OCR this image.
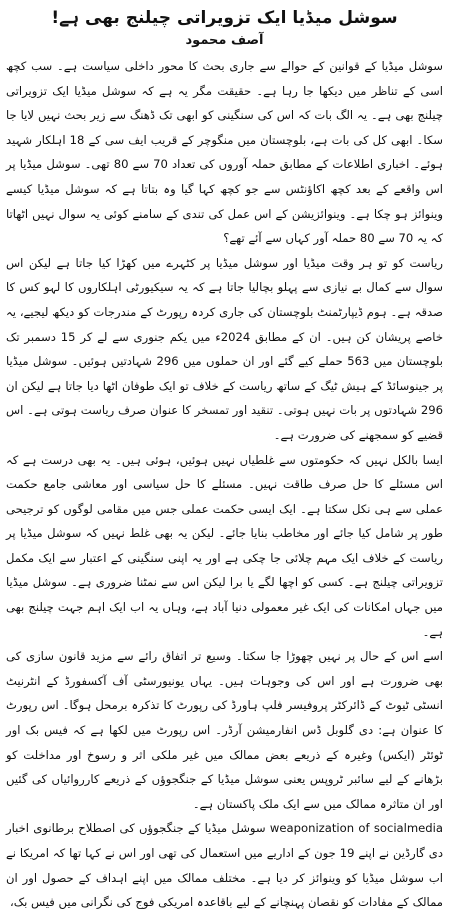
سوشل میڈیا ایک تزویراتی چیلنج بھی ہے!
آصف محمود

سوشل میڈیا کے قوانین کے حوالے سے جاری بحث کا محور داخلی سیاست ہے۔ سب کچھ اسی کے تناظر میں دیکھا جا رہا ہے۔ حقیقت مگر یہ ہے کہ سوشل میڈیا ایک تزویراتی چیلنج بھی ہے۔ یہ الگ بات کہ اس کی سنگینی کو ابھی تک ڈھنگ سے زیر بحث نہیں لایا جا سکا۔ ابھی کل کی بات ہے، بلوچستان میں منگوچر کے قریب ایف سی کے 18 اہلکار شہید ہوئے۔ اخباری اطلاعات کے مطابق حملہ آوروں کی تعداد 70 سے 80 تھی۔ سوشل میڈیا پر اس واقعے کے بعد کچھ اکاؤنٹس سے جو کچھ کہا گیا وہ بتاتا ہے کہ سوشل میڈیا کیسے وینوائز ہو چکا ہے۔ وینوائزیشن کے اس عمل کی تندی کے سامنے کوئی یہ سوال نہیں اٹھاتا کہ یہ 70 سے 80 حملہ آور کہاں سے آئے تھے؟

ریاست کو تو ہر وقت میڈیا اور سوشل میڈیا پر کٹہرے میں کھڑا کیا جاتا ہے لیکن اس سوال سے کمال بے نیازی سے پہلو بچالیا جاتا ہے کہ یہ سیکیورٹی اہلکاروں کا لہو کس کا صدقہ ہے۔ ہوم ڈیپارٹمنٹ بلوچستان کی جاری کردہ رپورٹ کے مندرجات کو دیکھ لیجیے، یہ خاصے پریشان کن ہیں۔ ان کے مطابق 2024ء میں یکم جنوری سے لے کر 15 دسمبر تک بلوچستان میں 563 حملے کیے گئے اور ان حملوں میں 296 شہادتیں ہوئیں۔ سوشل میڈیا پر جینوسائڈ کے ہیش ٹیگ کے ساتھ ریاست کے خلاف تو ایک طوفان اٹھا دیا جاتا ہے لیکن ان 296 شہادتوں پر بات نہیں ہوتی۔ تنقید اور تمسخر کا عنوان صرف ریاست ہوتی ہے۔ اس قضیے کو سمجھنے کی ضرورت ہے۔

ایسا بالکل نہیں کہ حکومتوں سے غلطیاں نہیں ہوئیں، ہوئی ہیں۔ یہ بھی درست ہے کہ اس مسئلے کا حل صرف طاقت نہیں۔ مسئلے کا حل سیاسی اور معاشی جامع حکمت عملی سے ہی نکل سکتا ہے۔ ایک ایسی حکمت عملی جس میں مقامی لوگوں کو ترجیحی طور پر شامل کیا جائے اور مخاطب بنایا جائے۔ لیکن یہ بھی غلط نہیں کہ سوشل میڈیا پر ریاست کے خلاف ایک مہم چلائی جا چکی ہے اور یہ اپنی سنگینی کے اعتبار سے ایک مکمل تزویراتی چیلنج ہے۔ کسی کو اچھا لگے یا برا لیکن اس سے نمٹنا ضروری ہے۔ سوشل میڈیا میں جہاں امکانات کی ایک غیر معمولی دنیا آباد ہے، وہاں یہ اب ایک اہم جہت چیلنج بھی ہے۔

اسے اس کے حال پر نہیں چھوڑا جا سکتا۔ وسیع تر اتفاق رائے سے مزید قانون سازی کی بھی ضرورت ہے اور اس کی وجوہات ہیں۔ یہاں یونیورسٹی آف آکسفورڈ کے انٹرنیٹ انسٹی ٹیوٹ کے ڈائرکٹر پروفیسر فلپ ہاورڈ کی رپورٹ کا تذکرہ برمحل ہوگا۔ اس رپورٹ کا عنوان ہے: دی گلوبل ڈس انفارمیشن آرڈر۔ اس رپورٹ میں لکھا ہے کہ فیس بک اور ٹوئٹر (ایکس) وغیرہ کے ذریعے بعض ممالک میں غیر ملکی اثر و رسوخ اور مداخلت کو بڑھانے کے لیے سائبر ٹروپس یعنی سوشل میڈیا کے جنگجوؤں کے ذریعے کارروائیاں کی گئیں اور ان متاثرہ ممالک میں سے ایک ملک پاکستان ہے۔

weaponization of socialmedia سوشل میڈیا کے جنگجوؤں کی اصطلاح برطانوی اخبار دی گارڈین نے اپنے 19 جون کے اداریے میں استعمال کی تھی اور اس نے کہا تھا کہ امریکا نے اب سوشل میڈیا کو وینوائز کر دیا ہے۔ مختلف ممالک میں اپنے اہداف کے حصول اور ان ممالک کے مفادات کو نقصان پہنچانے کے لیے باقاعدہ امریکی فوج کی نگرانی میں فیس بک،
